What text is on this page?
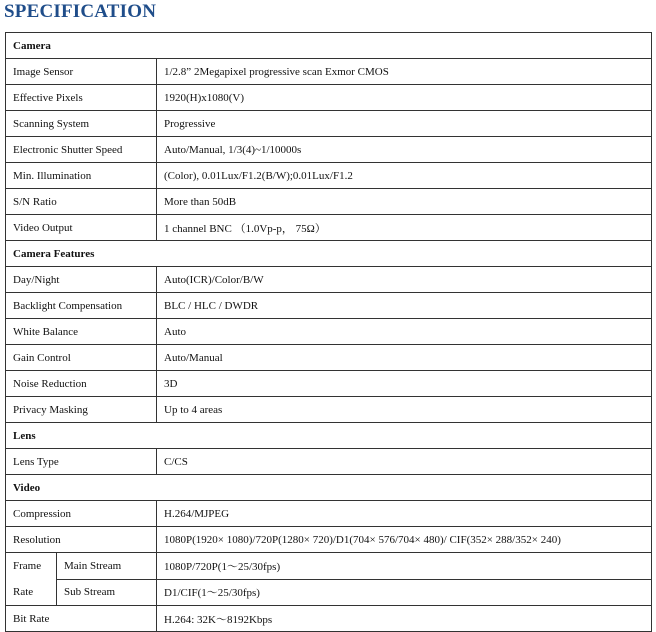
SPECIFICATION
Camera		
Image Sensor		1/2.8” 2Megapixel progressive scan Exmor CMOS
Effective Pixels		1920(H)x1080(V)
Scanning System		Progressive
Electronic Shutter Speed		Auto/Manual, 1/3(4)~1/10000s
Min. Illumination		(Color), 0.01Lux/F1.2(B/W);0.01Lux/F1.2
S/N Ratio		More than 50dB
Video Output		1 channel BNC （1.0Vp-p， 75Ω）
Camera Features		
Day/Night		Auto(ICR)/Color/B/W
Backlight Compensation		BLC / HLC / DWDR
White Balance		Auto
Gain Control		Auto/Manual
Noise Reduction		3D
Privacy Masking		Up to 4 areas
Lens		
Lens Type		C/CS
Video		
Compression		H.264/MJPEG
Resolution		1080P(1920× 1080)/720P(1280× 720)/D1(704× 576/704× 480)/ CIF(352× 288/352× 240)

Frame
Rate	Main Stream	1080P/720P(1～25/30fps)
	Sub Stream	D1/CIF(1～25/30fps)
Bit Rate		H.264: 32K～8192Kbps
